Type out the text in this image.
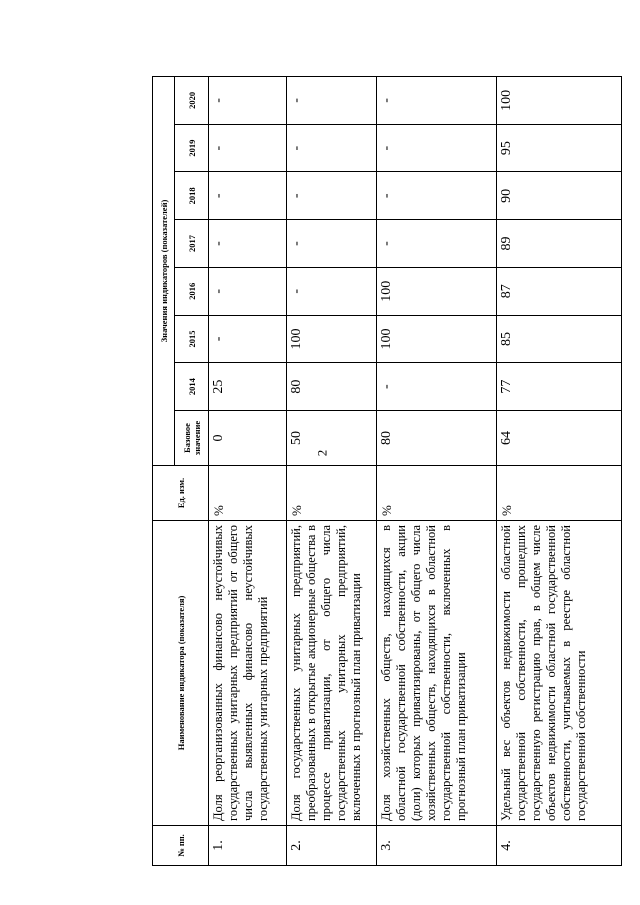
2
№ пп.	Наименование индикатора (показателя)	Ед. изм.	Значения индикаторов (показателей)							
			Базовое значение	2014	2015	2016	2017	2018	2019	2020
1.	Доля реорганизованных финансово неустойчивых государственных унитарных предприятий от общего числа выявленных финансово неустойчивых государственных унитарных предприятий	%	0	25	-	-	-	-	-	-
2.	Доля государственных унитарных предприятий, преобразованных в открытые акционерные общества в процессе приватизации, от общего числа государственных унитарных предприятий, включенных в прогнозный план приватизации	%	50	80	100	-	-	-	-	-
3.	Доля хозяйственных обществ, находящихся в областной государственной собственности, акции (доли) которых приватизированы, от общего числа хозяйственных обществ, находящихся в областной государственной собственности, включенных в прогнозный план приватизации	%	80	-	100	100	-	-	-	-
4.	Удельный вес объектов недвижимости областной государственной собственности, прошедших государственную регистрацию прав, в общем числе объектов недвижимости областной государственной собственности, учитываемых в реестре областной государственной собственности	%	64	77	85	87	89	90	95	100
